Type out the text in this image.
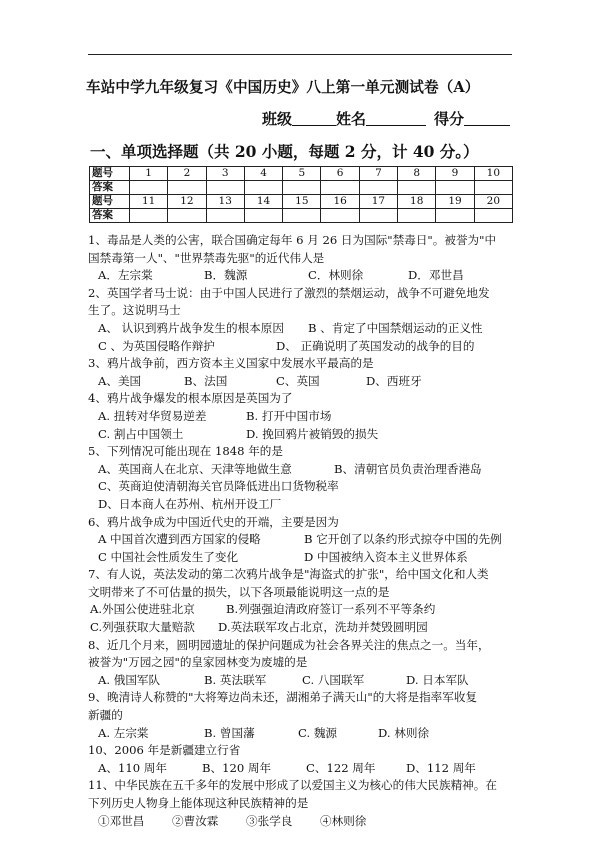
车站中学九年级复习《中国历史》八上第一单元测试卷（A）
班级	姓名	得分
一、单项选择题（共 20 小题，每题 2 分，计 40 分。）
题号	1	2	3	4	5	6	7	8	9	10
答案										
题号	11	12	13	14	15	16	17	18	19	20
答案										
1、毒品是人类的公害，联合国确定每年 6 月 26 日为国际"禁毒日"。被誉为"中
国禁毒第一人"、"世界禁毒先驱"的近代伟人是
A．左宗棠	B．魏源	C．林则徐	D．邓世昌
2、英国学者马士说：由于中国人民进行了激烈的禁烟运动，战争不可避免地发
生了。这说明马士
A、 认识到鸦片战争发生的根本原因 B 、肯定了中国禁烟运动的正义性
C 、为英国侵略作辩护	D、 正确说明了英国发动的战争的目的
3、鸦片战争前，西方资本主义国家中发展水平最高的是
A、美国	B、法国	C、英国	D、西班牙
4、鸦片战争爆发的根本原因是英国为了
A. 扭转对华贸易逆差	B. 打开中国市场
C. 割占中国领土	D. 挽回鸦片被销毁的损失
5、下列情况可能出现在 1848 年的是
A、英国商人在北京、天津等地做生意	B、清朝官员负责治理香港岛
C、英商迫使清朝海关官员降低进出口货物税率
D、日本商人在苏州、杭州开设工厂
6、鸦片战争成为中国近代史的开端，主要是因为
A 中国首次遭到西方国家的侵略	B 它开创了以条约形式掠夺中国的先例
C 中国社会性质发生了变化	D 中国被纳入资本主义世界体系
7、有人说，英法发动的第二次鸦片战争是"海盗式的扩张"，给中国文化和人类
文明带来了不可估量的损失，以下各项最能说明这一点的是
A.外国公使进驻北京	B.列强强迫清政府签订一系列不平等条约
C.列强获取大量赔款 D.英法联军攻占北京，洗劫并焚毁圆明园
8、近几个月来，圆明园遗址的保护问题成为社会各界关注的焦点之一。当年，
被誉为"万园之园"的皇家园林变为废墟的是
A. 俄国军队	B. 英法联军	C. 八国联军	D. 日本军队
9、晚清诗人称赞的"大将筹边尚未还，湖湘弟子满天山"的大将是指率军收复
新疆的
A. 左宗棠	B. 曾国藩	C. 魏源	D. 林则徐
10、2006 年是新疆建立行省
A、110 周年	B、120 周年	C、122 周年	D、112 周年
11、中华民族在五千多年的发展中形成了以爱国主义为核心的伟大民族精神。在
下列历史人物身上能体现这种民族精神的是
①邓世昌 ②曹汝霖 ③张学良 ④林则徐
